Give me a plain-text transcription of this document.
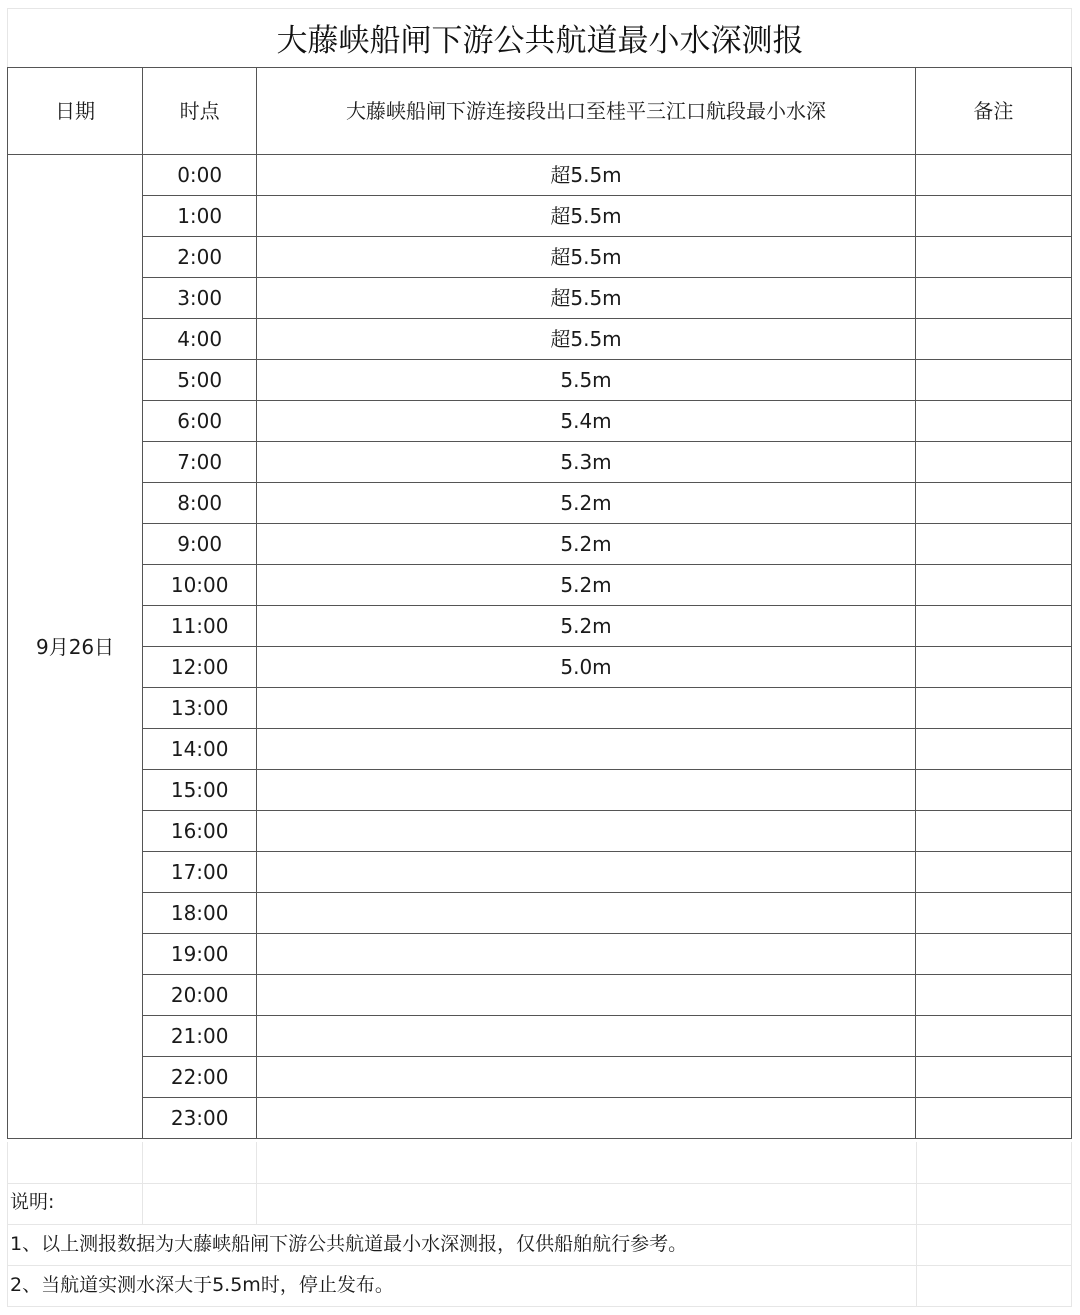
大藤峡船闸下游公共航道最小水深测报
日期	时点	大藤峡船闸下游连接段出口至桂平三江口航段最小水深	备注
9月26日	0:00	超5.5m	
	1:00	超5.5m	
	2:00	超5.5m	
	3:00	超5.5m	
	4:00	超5.5m	
	5:00	5.5m	
	6:00	5.4m	
	7:00	5.3m	
	8:00	5.2m	
	9:00	5.2m	
	10:00	5.2m	
	11:00	5.2m	
	12:00	5.0m	
	13:00		
	14:00		
	15:00		
	16:00		
	17:00		
	18:00		
	19:00		
	20:00		
	21:00		
	22:00		
	23:00		
说明:
1、以上测报数据为大藤峡船闸下游公共航道最小水深测报，仅供船舶航行参考。
2、当航道实测水深大于5.5m时，停止发布。
